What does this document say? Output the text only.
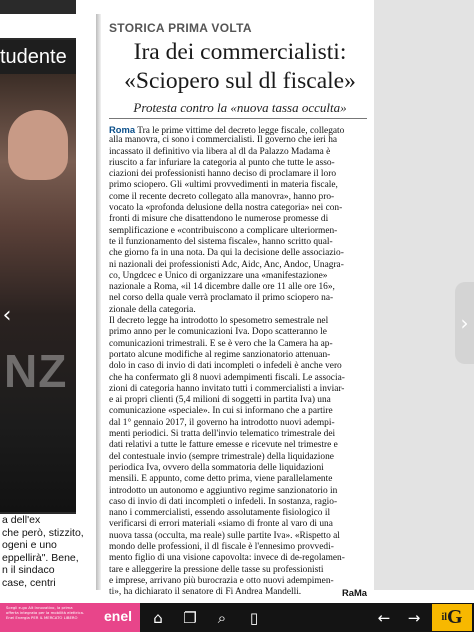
tudente
NZ
a dell'ex
che però, stizzito,
ogeni e uno
eppellirà". Bene,
n il sindaco
case, centri
‹
STORICA PRIMA VOLTA
Ira dei commercialisti:
«Sciopero sul dl fiscale»
Protesta contro la «nuova tassa occulta»
Roma Tra le prime vittime del decreto legge fiscale, collegato
alla manovra, ci sono i commercialisti. Il governo che ieri ha
incassato il definitivo via libera al dl da Palazzo Madama è
riuscito a far infuriare la categoria al punto che tutte le asso-
ciazioni dei professionisti hanno deciso di proclamare il loro
primo sciopero. Gli «ultimi provvedimenti in materia fiscale,
come il recente decreto collegato alla manovra», hanno pro-
vocato la «profonda delusione della nostra categoria» nei con-
fronti di misure che disattendono le numerose promesse di
semplificazione e «contribuiscono a complicare ulteriormen-
te il funzionamento del sistema fiscale», hanno scritto qual-
che giorno fa in una nota. Da qui la decisione delle associazio-
ni nazionali dei professionisti Adc, Aidc, Anc, Andoc, Unagra-
co, Ungdcec e Unico di organizzare una «manifestazione»
nazionale a Roma, «il 14 dicembre dalle ore 11 alle ore 16»,
nel corso della quale verrà proclamato il primo sciopero na-
zionale della categoria.
Il decreto legge ha introdotto lo spesometro semestrale nel
primo anno per le comunicazioni Iva. Dopo scatteranno le
comunicazioni trimestrali. E se è vero che la Camera ha ap-
portato alcune modifiche al regime sanzionatorio attenuan-
dolo in caso di invio di dati incompleti o infedeli è anche vero
che ha confermato gli 8 nuovi adempimenti fiscali. Le associa-
zioni di categoria hanno invitato tutti i commercialisti a inviar-
e ai propri clienti (5,4 milioni di soggetti in partita Iva) una
comunicazione «speciale». In cui si informano che a partire
dal 1° gennaio 2017, il governo ha introdotto nuovi adempi-
menti periodici. Si tratta dell'invio telematico trimestrale dei
dati relativi a tutte le fatture emesse e ricevute nel trimestre e
del contestuale invio (sempre trimestrale) della liquidazione
periodica Iva, ovvero della sommatoria delle liquidazioni
mensili. E appunto, come detto prima, viene parallelamente
introdotto un autonomo e aggiuntivo regime sanzionatorio in
caso di invio di dati incompleti o infedeli. In sostanza, ragio-
nano i commercialisti, essendo assolutamente fisiologico il
verificarsi di errori materiali «siamo di fronte al varo di una
nuova tassa (occulta, ma reale) sulle partite Iva». «Rispetto al
mondo delle professioni, il dl fiscale è l'ennesimo provvedi-
mento figlio di una visione capovolta: invece di de-regolamen-
tare e alleggerire la pressione delle tasse su professionisti
e imprese, arrivano più burocrazia e otto nuovi adempimen-
ti», ha dichiarato il senatore di Fi Andrea Mandelli.	RaMa
›
Scegli e-go Alt Innovativo, la prima
offerta integrata per la mobilità elettrica.
Enel Energia PER IL MERCATO LIBERO	enel	⌂	❐	⌕	▯	←	→	$^{il}$G
